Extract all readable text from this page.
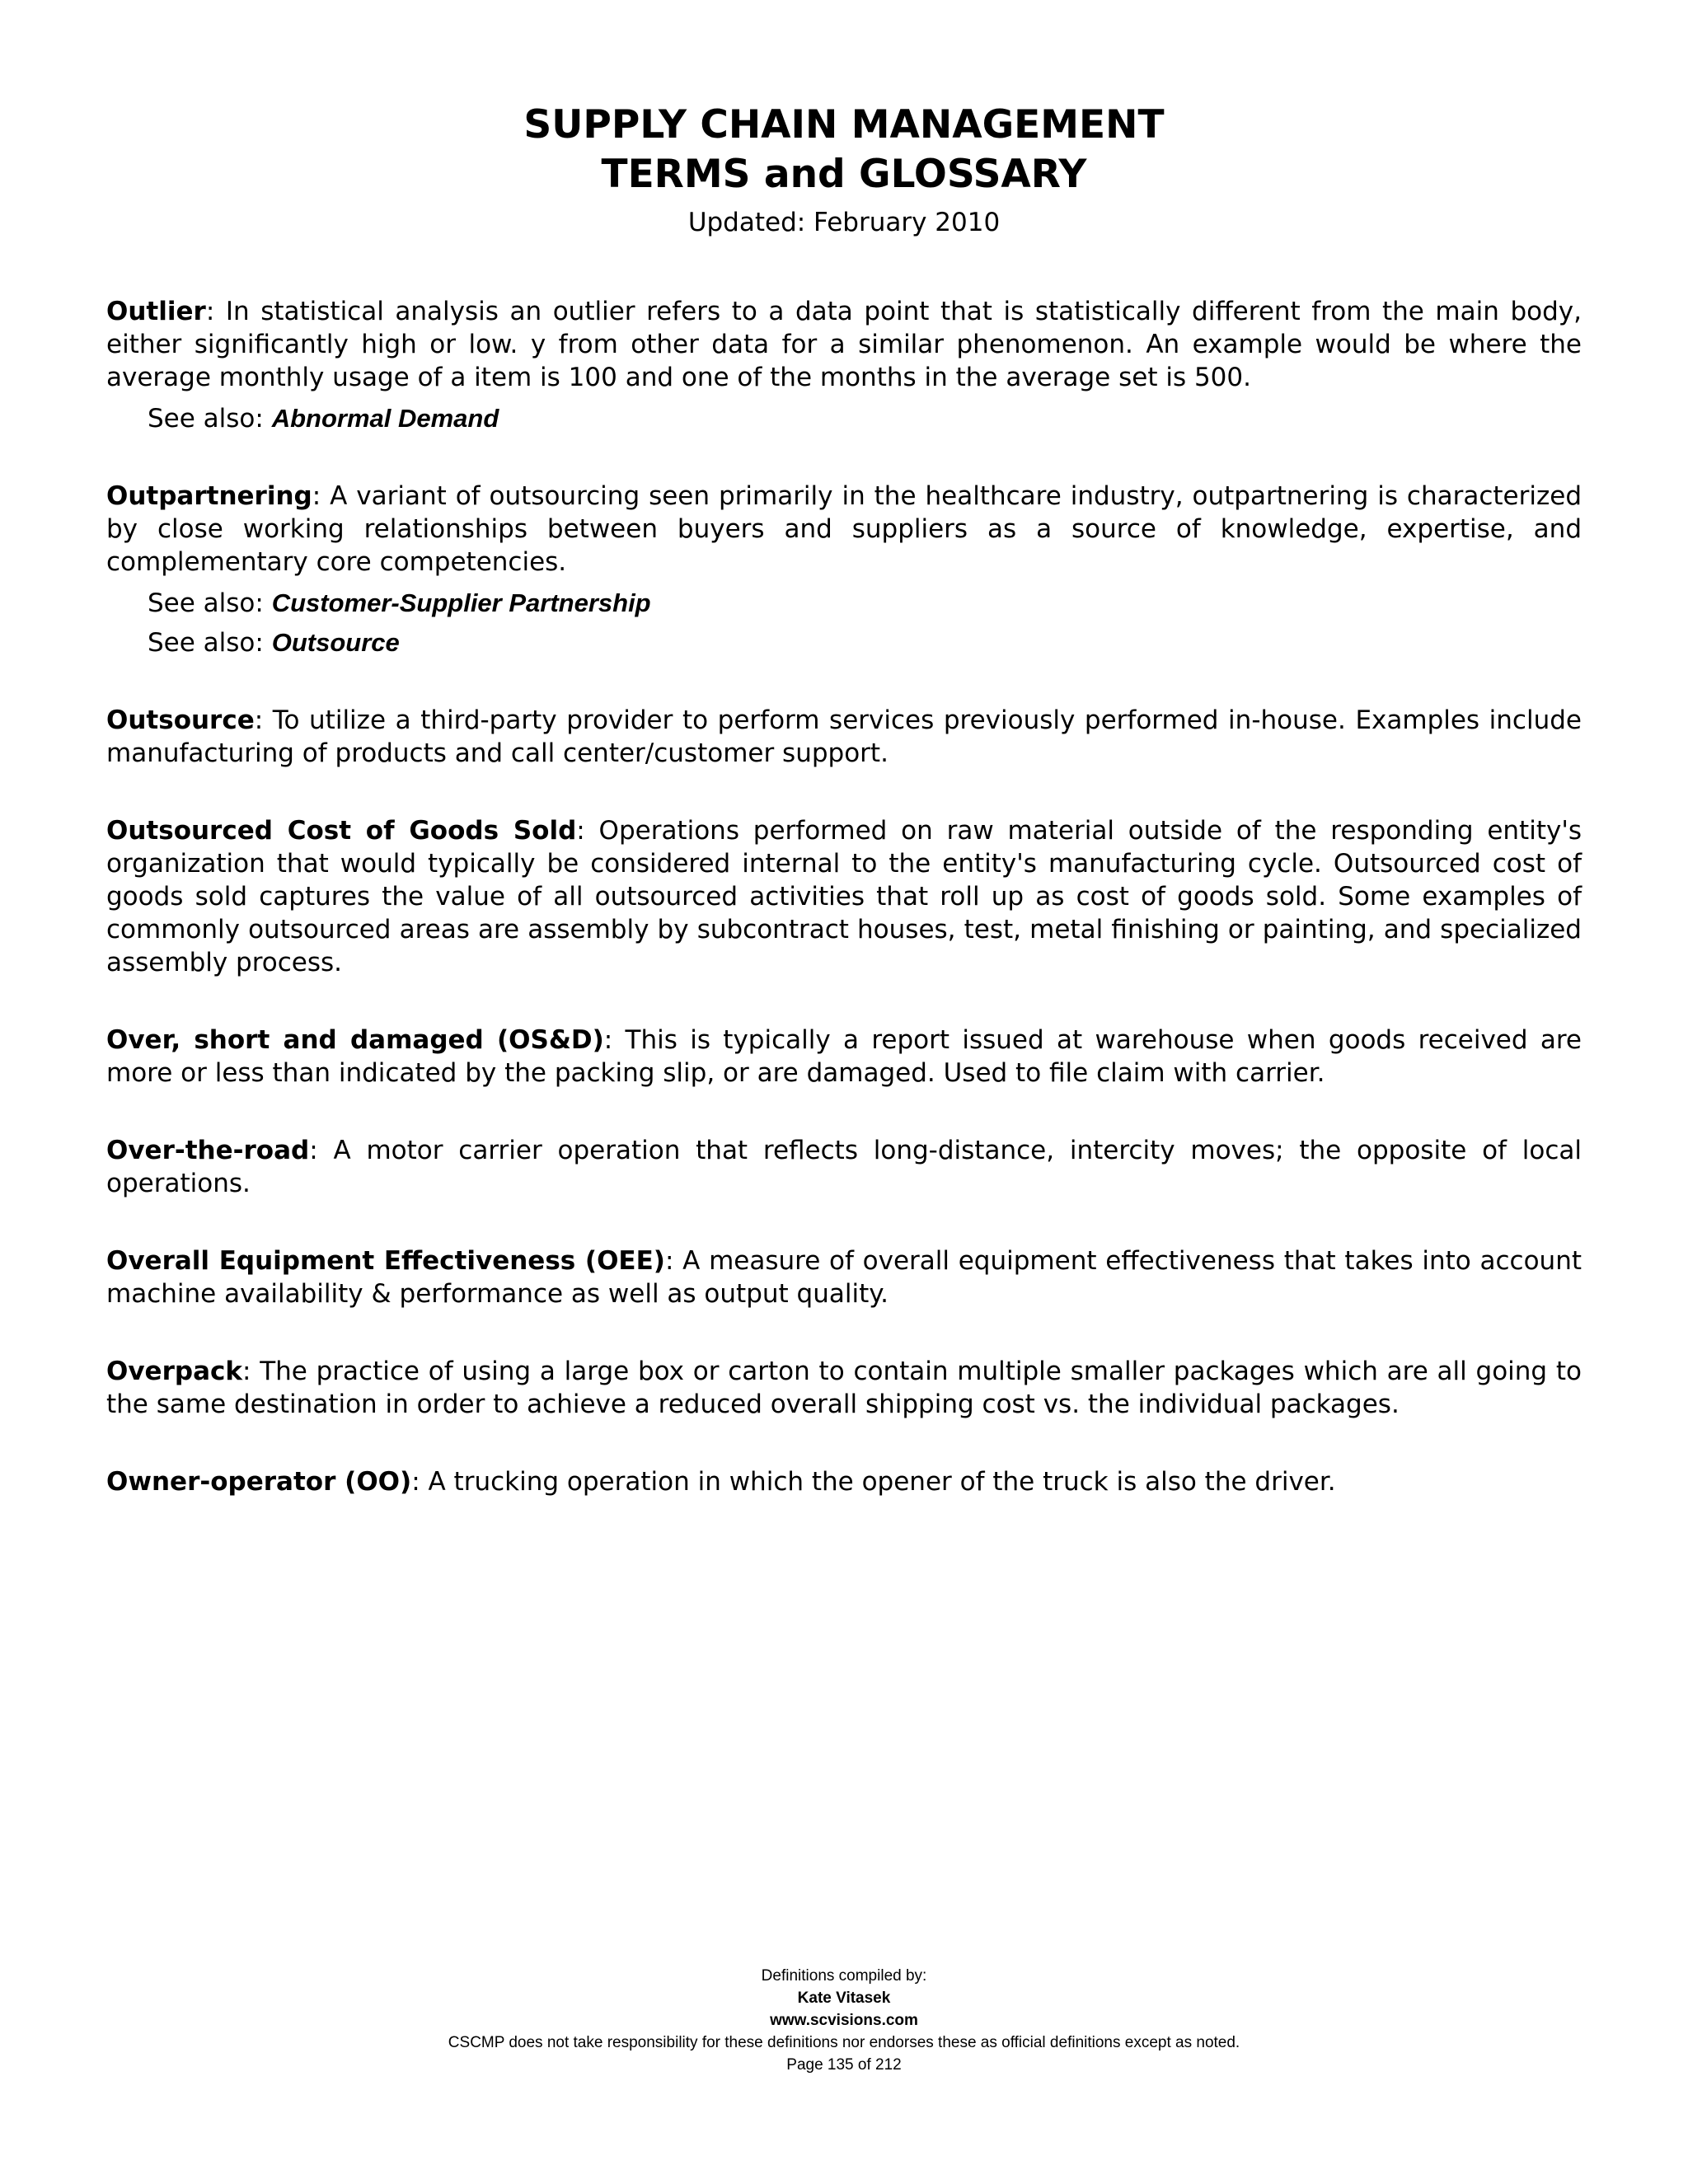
SUPPLY CHAIN MANAGEMENT
TERMS and GLOSSARY
Updated: February 2010

Outlier: In statistical analysis an outlier refers to a data point that is statistically different from the main body, either significantly high or low. y from other data for a similar phenomenon. An example would be where the average monthly usage of a item is 100 and one of the months in the average set is 500.

See also: Abnormal Demand

Outpartnering: A variant of outsourcing seen primarily in the healthcare industry, outpartnering is characterized by close working relationships between buyers and suppliers as a source of knowledge, expertise, and complementary core competencies.

See also: Customer-Supplier Partnership
See also: Outsource

Outsource: To utilize a third-party provider to perform services previously performed in-house. Examples include manufacturing of products and call center/customer support.

Outsourced Cost of Goods Sold: Operations performed on raw material outside of the responding entity's organization that would typically be considered internal to the entity's manufacturing cycle. Outsourced cost of goods sold captures the value of all outsourced activities that roll up as cost of goods sold. Some examples of commonly outsourced areas are assembly by subcontract houses, test, metal finishing or painting, and specialized assembly process.

Over, short and damaged (OS&D): This is typically a report issued at warehouse when goods received are more or less than indicated by the packing slip, or are damaged. Used to file claim with carrier.

Over-the-road: A motor carrier operation that reflects long-distance, intercity moves; the opposite of local operations.

Overall Equipment Effectiveness (OEE): A measure of overall equipment effectiveness that takes into account machine availability & performance as well as output quality.

Overpack: The practice of using a large box or carton to contain multiple smaller packages which are all going to the same destination in order to achieve a reduced overall shipping cost vs. the individual packages.

Owner-operator (OO): A trucking operation in which the opener of the truck is also the driver.

Definitions compiled by:
Kate Vitasek
www.scvisions.com
CSCMP does not take responsibility for these definitions nor endorses these as official definitions except as noted.
Page 135 of 212
